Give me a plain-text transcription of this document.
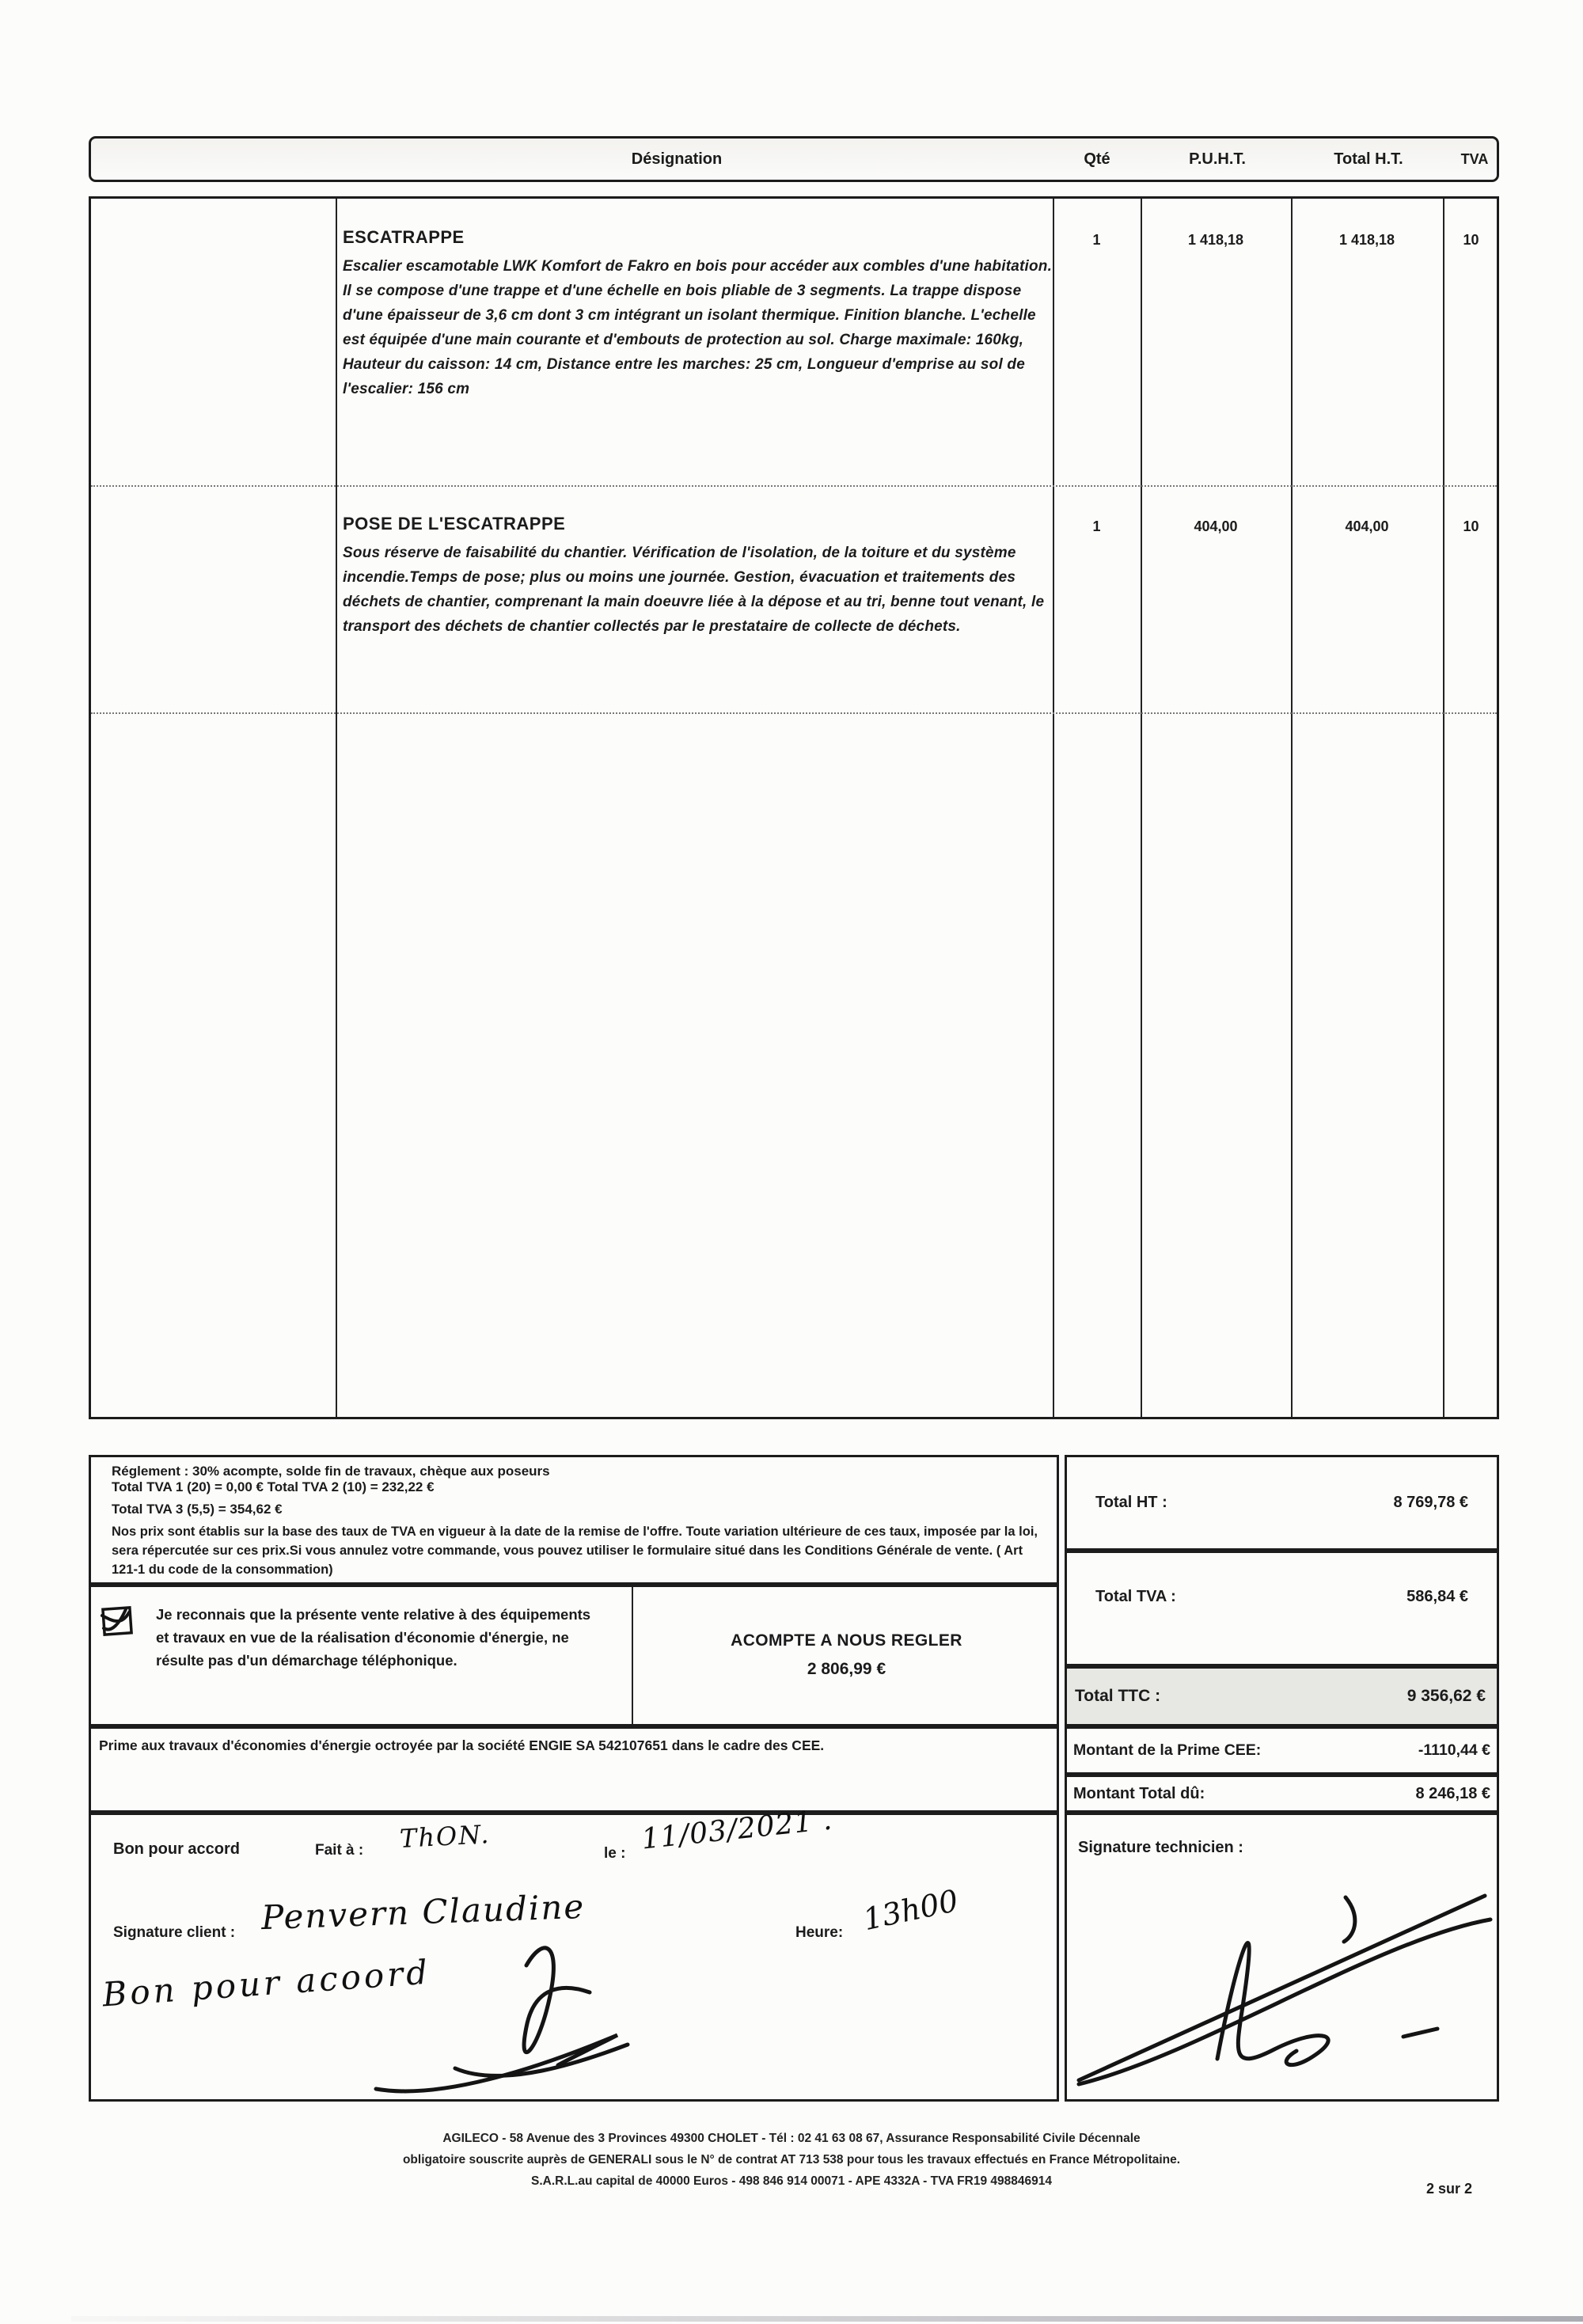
Désignation	Qté	P.U.H.T.	Total H.T.	TVA
ESCATRAPPE
Escalier escamotable LWK Komfort de Fakro en bois pour accéder aux combles d'une habitation. Il se compose d'une trappe et d'une échelle en bois pliable de 3 segments. La trappe dispose d'une épaisseur de 3,6 cm dont 3 cm intégrant un isolant thermique. Finition blanche. L'echelle est équipée d'une main courante et d'embouts de protection au sol. Charge maximale: 160kg, Hauteur du caisson: 14 cm, Distance entre les marches: 25 cm, Longueur d'emprise au sol de l'escalier: 156 cm
1	1 418,18	1 418,18	10
POSE DE L'ESCATRAPPE
Sous réserve de faisabilité du chantier. Vérification de l'isolation, de la toiture et du système incendie.Temps de pose; plus ou moins une journée. Gestion, évacuation et traitements des déchets de chantier, comprenant la main doeuvre liée à la dépose et au tri, benne tout venant, le transport des déchets de chantier collectés par le prestataire de collecte de déchets.
1	404,00	404,00	10
Réglement : 30% acompte, solde fin de travaux, chèque aux poseurs
Total TVA 1 (20) = 0,00 € Total TVA 2 (10) = 232,22 €
Total TVA 3 (5,5) = 354,62 €
Nos prix sont établis sur la base des taux de TVA en vigueur à la date de la remise de l'offre. Toute variation ultérieure de ces taux, imposée par la loi, sera répercutée sur ces prix.Si vous annulez votre commande, vous pouvez utiliser le formulaire situé dans les Conditions Générale de vente. ( Art 121-1 du code de la consommation)
Je reconnais que la présente vente relative à des équipements et travaux en vue de la réalisation d'économie d'énergie, ne résulte pas d'un démarchage téléphonique.
ACOMPTE A NOUS REGLER
2 806,99 €
Prime aux travaux d'économies d'énergie octroyée par la société ENGIE SA 542107651 dans le cadre des CEE.
Bon pour accord	Fait à : ThON.	le : 11/03/2021 .
Signature client : Penvern Claudine	Heure: 13h00
Bon pour acoord
Total HT :	8 769,78 €
Total TVA :	586,84 €
Total TTC :	9 356,62 €
Montant de la Prime CEE:	-1110,44 €
Montant Total dû:	8 246,18 €
Signature technicien :
AGILECO - 58 Avenue des 3 Provinces 49300 CHOLET - Tél : 02 41 63 08 67, Assurance Responsabilité Civile Décennale
obligatoire souscrite auprès de GENERALI sous le N° de contrat AT 713 538 pour tous les travaux effectués en France Métropolitaine.
S.A.R.L.au capital de 40000 Euros - 498 846 914 00071 - APE 4332A - TVA FR19 498846914	2 sur 2
